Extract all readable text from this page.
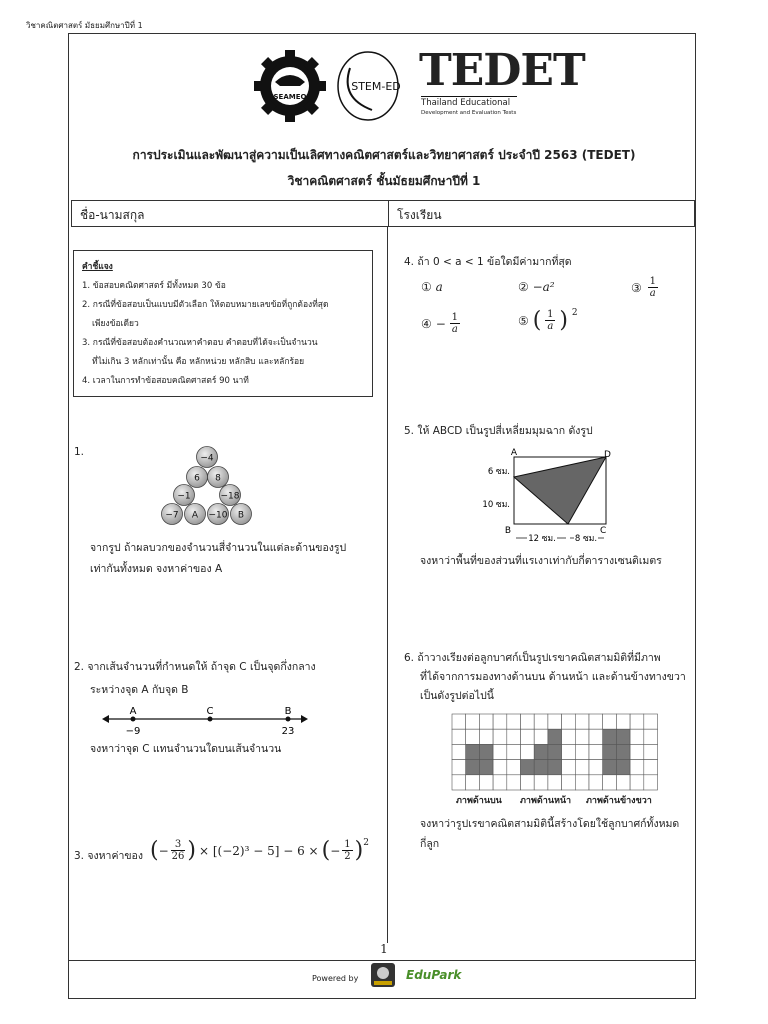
วิชาคณิตศาสตร์ มัธยมศึกษาปีที่ 1
SEAMEO
STEM-ED TEDET
Thailand Educational
Development and Evaluation Tests
การประเมินและพัฒนาสู่ความเป็นเลิศทางคณิตศาสตร์และวิทยาศาสตร์ ประจำปี 2563 (TEDET)
วิชาคณิตศาสตร์ ชั้นมัธยมศึกษาปีที่ 1
ชื่อ-นามสกุล	โรงเรียน
คำชี้แจง
1. ข้อสอบคณิตศาสตร์ มีทั้งหมด 30 ข้อ
2. กรณีที่ข้อสอบเป็นแบบมีตัวเลือก ให้ตอบหมายเลขข้อที่ถูกต้องที่สุด
เพียงข้อเดียว
3. กรณีที่ข้อสอบต้องคำนวณหาคำตอบ คำตอบที่ได้จะเป็นจำนวน
ที่ไม่เกิน 3 หลักเท่านั้น คือ หลักหน่วย หลักสิบ และหลักร้อย
4. เวลาในการทำข้อสอบคณิตศาสตร์ 90 นาที
1.
−4
6 8
−1	−18
−7 A −10 B
จากรูป ถ้าผลบวกของจำนวนสี่จำนวนในแต่ละด้านของรูป
เท่ากันทั้งหมด จงหาค่าของ A
2. จากเส้นจำนวนที่กำหนดให้ ถ้าจุด C เป็นจุดกึ่งกลาง
ระหว่างจุด A กับจุด B
A	C	B
−9	23
จงหาว่าจุด C แทนจำนวนใดบนเส้นจำนวน
3. จงหาค่าของ ( − $\frac{3}{26}$ ) × [(−2)³ − 5] − 6 × ( − $\frac{1}{2} )^2$
4. ถ้า 0 < a < 1 ข้อใดมีค่ามากที่สุด
① a	② −a²	③ $\frac{1}{a}$
④ − $\frac{1}{a}$	⑤ ( $\frac{1}{a}$ ) $^2$
5. ให้ ABCD เป็นรูปสี่เหลี่ยมมุมฉาก ดังรูป
A	D
B	C
6 ซม.
10 ซม.
12 ซม. 8 ซม.
จงหาว่าพื้นที่ของส่วนที่แรเงาเท่ากับกี่ตารางเซนติเมตร
6. ถ้าวางเรียงต่อลูกบาศก์เป็นรูปเรขาคณิตสามมิติที่มีภาพ
ที่ได้จากการมองทางด้านบน ด้านหน้า และด้านข้างทางขวา
เป็นดังรูปต่อไปนี้
ภาพด้านบน ภาพด้านหน้า ภาพด้านข้างขวา
จงหาว่ารูปเรขาคณิตสามมิตินี้สร้างโดยใช้ลูกบาศก์ทั้งหมด
กี่ลูก
1
Powered by	EduPark
